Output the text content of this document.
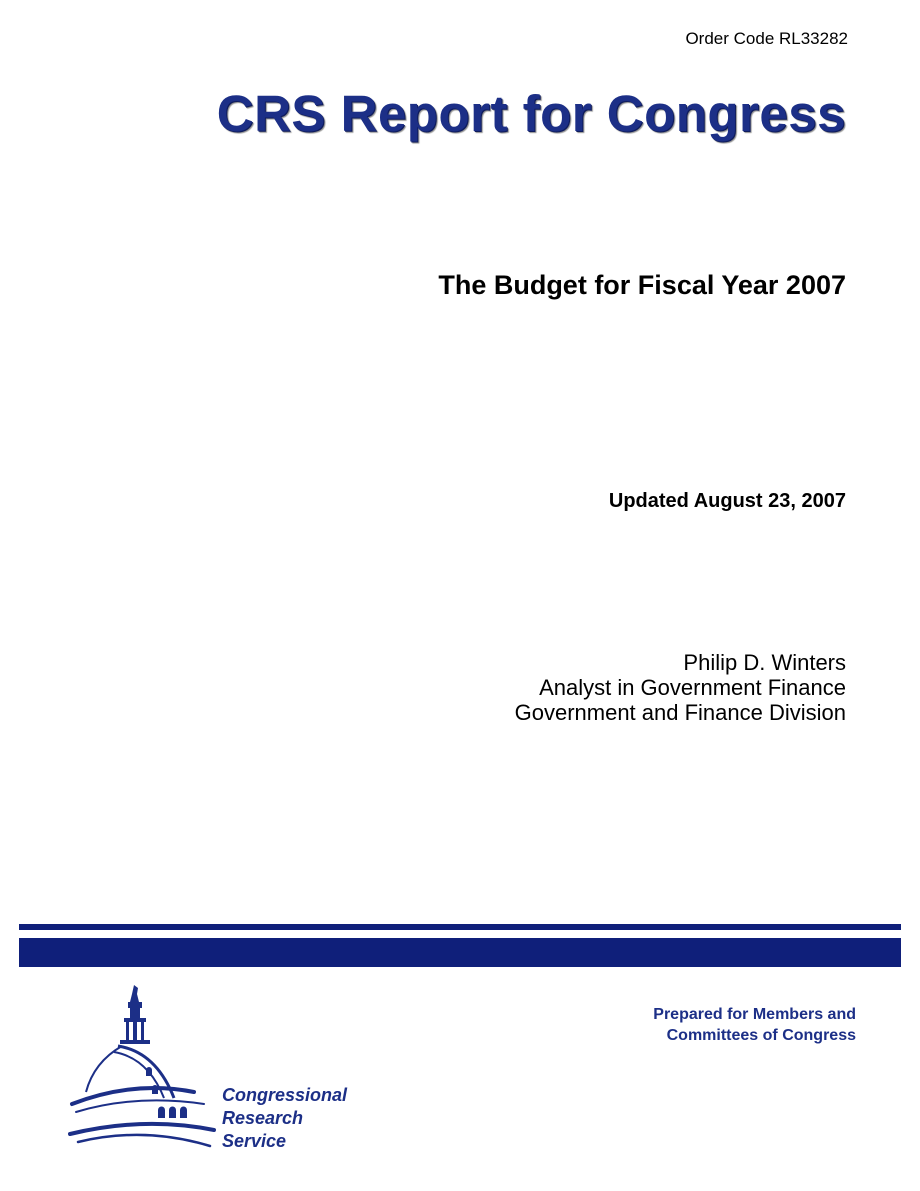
Order Code RL33282
CRS Report for Congress
The Budget for Fiscal Year 2007
Updated August 23, 2007
Philip D. Winters
Analyst in Government Finance
Government and Finance Division
Congressional
Research
Service
Prepared for Members and
Committees of Congress
